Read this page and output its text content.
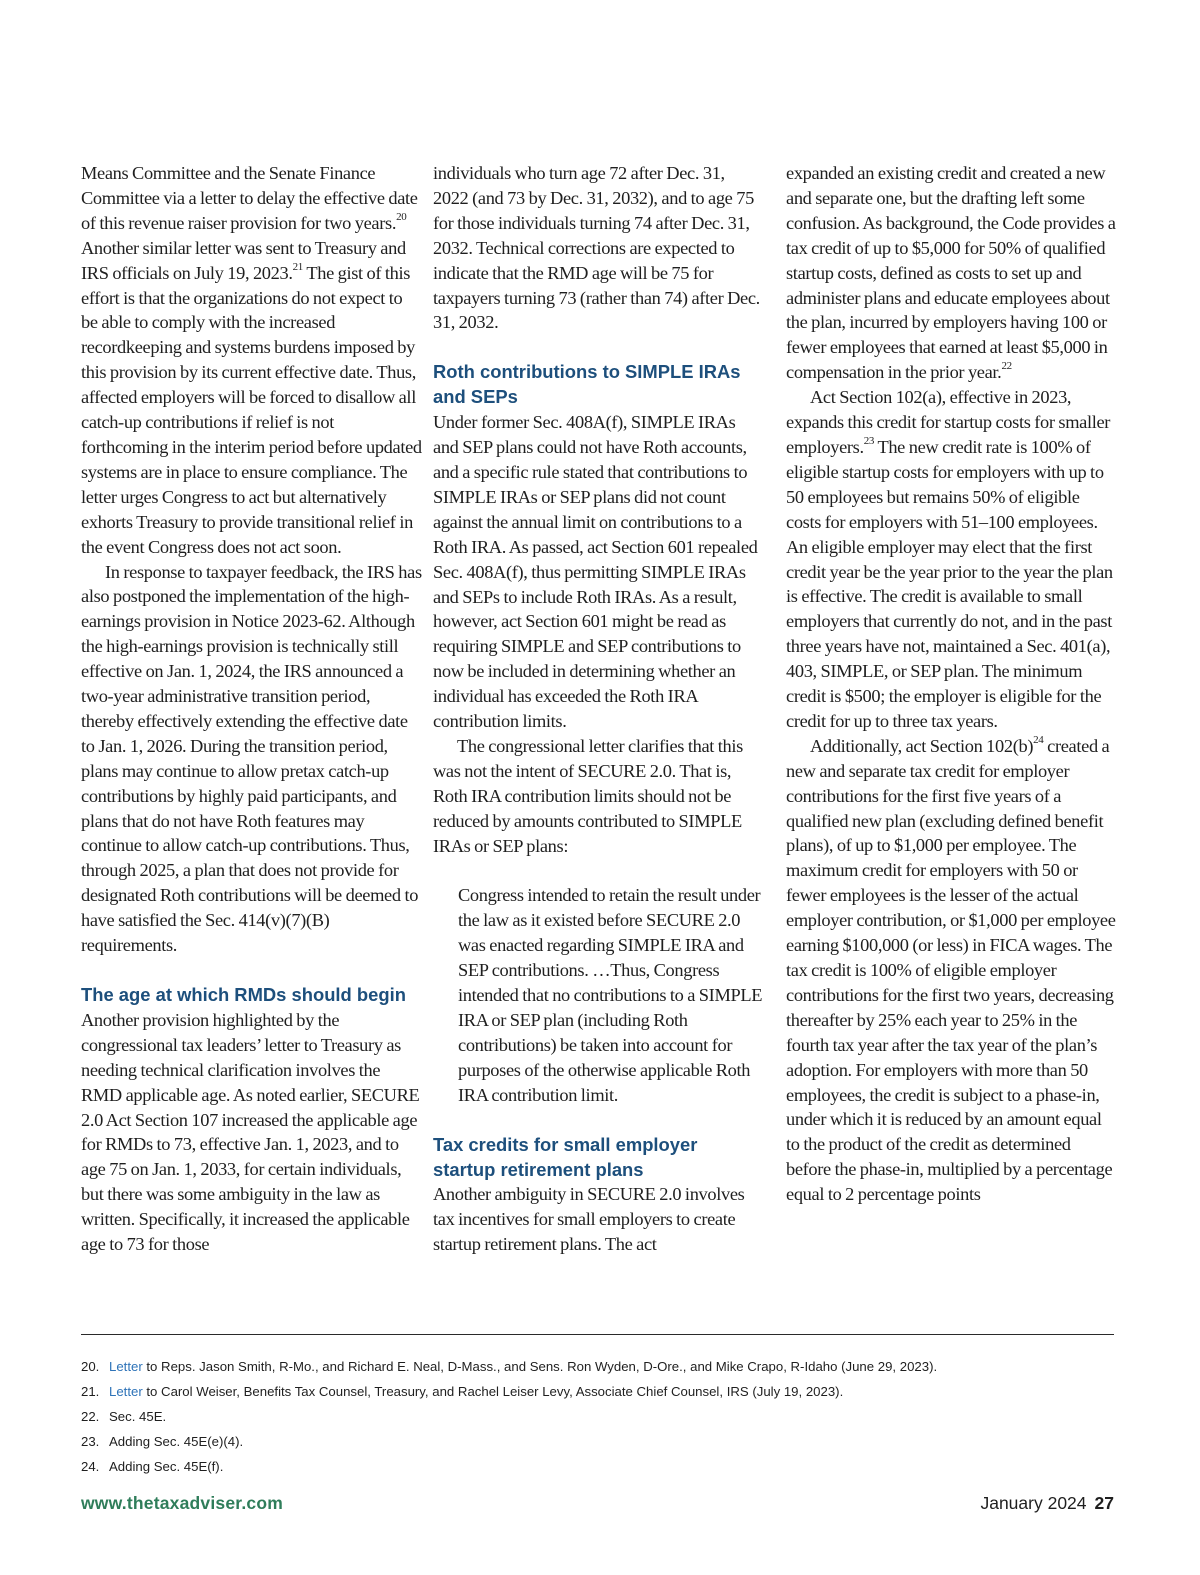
Means Committee and the Senate Finance Committee via a letter to delay the effective date of this revenue raiser provision for two years.$^{20}$ Another similar letter was sent to Treasury and IRS officials on July 19, 2023.21 The gist of this effort is that the organizations do not expect to be able to comply with the increased recordkeeping and systems burdens imposed by this provision by its current effective date. Thus, affected employers will be forced to disallow all catch-up contributions if relief is not forthcoming in the interim period before updated systems are in place to ensure compliance. The letter urges Congress to act but alternatively exhorts Treasury to provide transitional relief in the event Congress does not act soon.

In response to taxpayer feedback, the IRS has also postponed the implementation of the high-earnings provision in Notice 2023-62. Although the high-earnings provision is technically still effective on Jan. 1, 2024, the IRS announced a two-year administrative transition period, thereby effectively extending the effective date to Jan. 1, 2026. During the transition period, plans may continue to allow pretax catch-up contributions by highly paid participants, and plans that do not have Roth features may continue to allow catch-up contributions. Thus, through 2025, a plan that does not provide for designated Roth contributions will be deemed to have satisfied the Sec. 414(v)(7)(B) requirements.

The age at which RMDs should begin

Another provision highlighted by the congressional tax leaders’ letter to Treasury as needing technical clarification involves the RMD applicable age. As noted earlier, SECURE 2.0 Act Section 107 increased the applicable age for RMDs to 73, effective Jan. 1, 2023, and to age 75 on Jan. 1, 2033, for certain individuals, but there was some ambiguity in the law as written. Specifically, it increased the applicable age to 73 for those

individuals who turn age 72 after Dec. 31, 2022 (and 73 by Dec. 31, 2032), and to age 75 for those individuals turning 74 after Dec. 31, 2032. Technical corrections are expected to indicate that the RMD age will be 75 for taxpayers turning 73 (rather than 74) after Dec. 31, 2032.

Roth contributions to SIMPLE IRAs and SEPs

Under former Sec. 408A(f), SIMPLE IRAs and SEP plans could not have Roth accounts, and a specific rule stated that contributions to SIMPLE IRAs or SEP plans did not count against the annual limit on contributions to a Roth IRA. As passed, act Section 601 repealed Sec. 408A(f), thus permitting SIMPLE IRAs and SEPs to include Roth IRAs. As a result, however, act Section 601 might be read as requiring SIMPLE and SEP contributions to now be included in determining whether an individual has exceeded the Roth IRA contribution limits.

The congressional letter clarifies that this was not the intent of SECURE 2.0. That is, Roth IRA contribution limits should not be reduced by amounts contributed to SIMPLE IRAs or SEP plans:

Congress intended to retain the result under the law as it existed before SECURE 2.0 was enacted regarding SIMPLE IRA and SEP contributions. …Thus, Congress intended that no contributions to a SIMPLE IRA or SEP plan (including Roth contributions) be taken into account for purposes of the otherwise applicable Roth IRA contribution limit.
Tax credits for small employer startup retirement plans

Another ambiguity in SECURE 2.0 involves tax incentives for small employers to create startup retirement plans. The act

expanded an existing credit and created a new and separate one, but the drafting left some confusion. As background, the Code provides a tax credit of up to $5,000 for 50% of qualified startup costs, defined as costs to set up and administer plans and educate employees about the plan, incurred by employers having 100 or fewer employees that earned at least $5,000 in compensation in the prior year.$^{22}$

Act Section 102(a), effective in 2023, expands this credit for startup costs for smaller employers.$^{23}$ The new credit rate is 100% of eligible startup costs for employers with up to 50 employees but remains 50% of eligible costs for employers with 51–100 employees. An eligible employer may elect that the first credit year be the year prior to the year the plan is effective. The credit is available to small employers that currently do not, and in the past three years have not, maintained a Sec. 401(a), 403, SIMPLE, or SEP plan. The minimum credit is $500; the employer is eligible for the credit for up to three tax years.

Additionally, act Section $102(b)^{24}$ created a new and separate tax credit for employer contributions for the first five years of a qualified new plan (excluding defined benefit plans), of up to $1,000 per employee. The maximum credit for employers with 50 or fewer employees is the lesser of the actual employer contribution, or $1,000 per employee earning $100,000 (or less) in FICA wages. The tax credit is 100% of eligible employer contributions for the first two years, decreasing thereafter by 25% each year to 25% in the fourth tax year after the tax year of the plan’s adoption. For employers with more than 50 employees, the credit is subject to a phase-in, under which it is reduced by an amount equal to the product of the credit as determined before the phase-in, multiplied by a percentage equal to 2 percentage points

20. Letter to Reps. Jason Smith, R-Mo., and Richard E. Neal, D-Mass., and Sens. Ron Wyden, D-Ore., and Mike Crapo, R-Idaho (June 29, 2023).
21. Letter to Carol Weiser, Benefits Tax Counsel, Treasury, and Rachel Leiser Levy, Associate Chief Counsel, IRS (July 19, 2023).
22. Sec. 45E.
23. Adding Sec. 45E(e)(4).
24. Adding Sec. 45E(f).
www.thetaxadviser.com	January 2024 27
